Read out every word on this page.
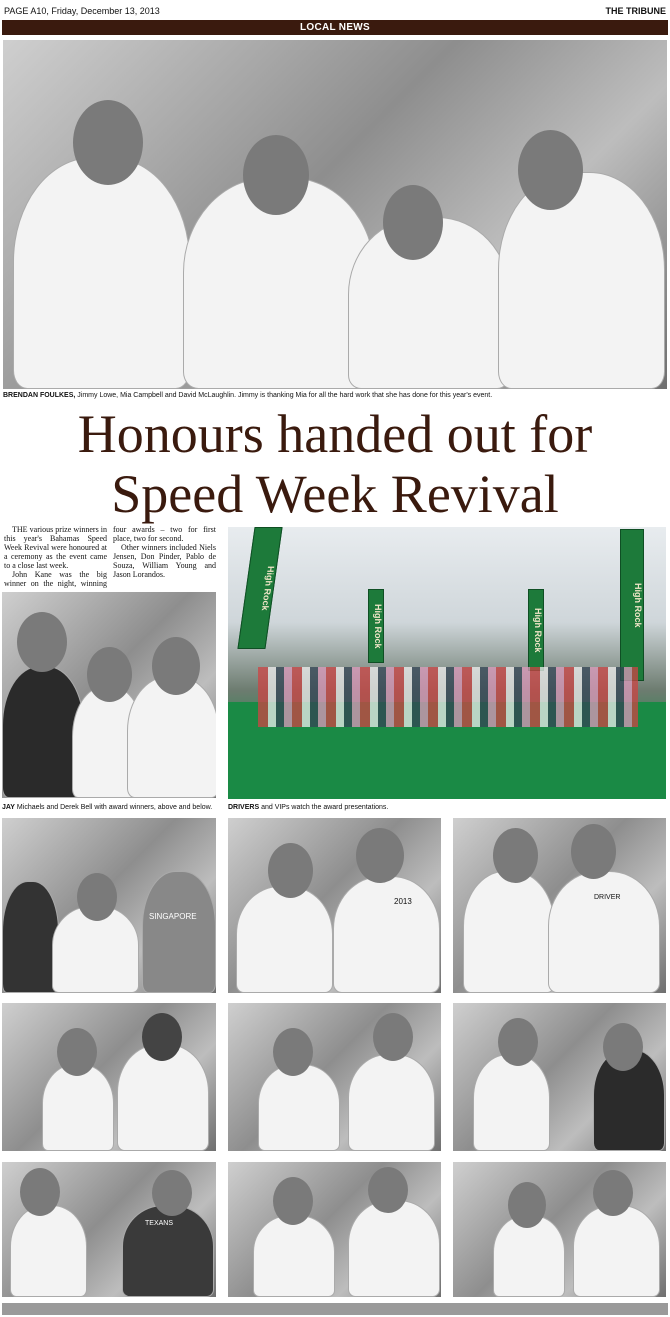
PAGE A10, Friday, December 13, 2013	THE TRIBUNE
LOCAL NEWS
BRENDAN FOULKES, Jimmy Lowe, Mia Campbell and David McLaughlin. Jimmy is thanking Mia for all the hard work that she has done for this year's event.
Honours handed out for
Speed Week Revival

THE various prize winners in this year's Bahamas Speed Week Revival were honoured at a ceremony as the event came to a close last week.

John Kane was the big winner on the night, winning four awards – two for first place, two for second.

Other winners included Niels Jensen, Don Pinder, Pablo de Souza, William Young and Jason Lorandos.

JAY Michaels and Derek Bell with award winners, above and below.
High Rock
High Rock	High Rock
High Rock
DRIVERS and VIPs watch the award presentations.
SINGAPORE
2013	DRIVER
TEXANS
